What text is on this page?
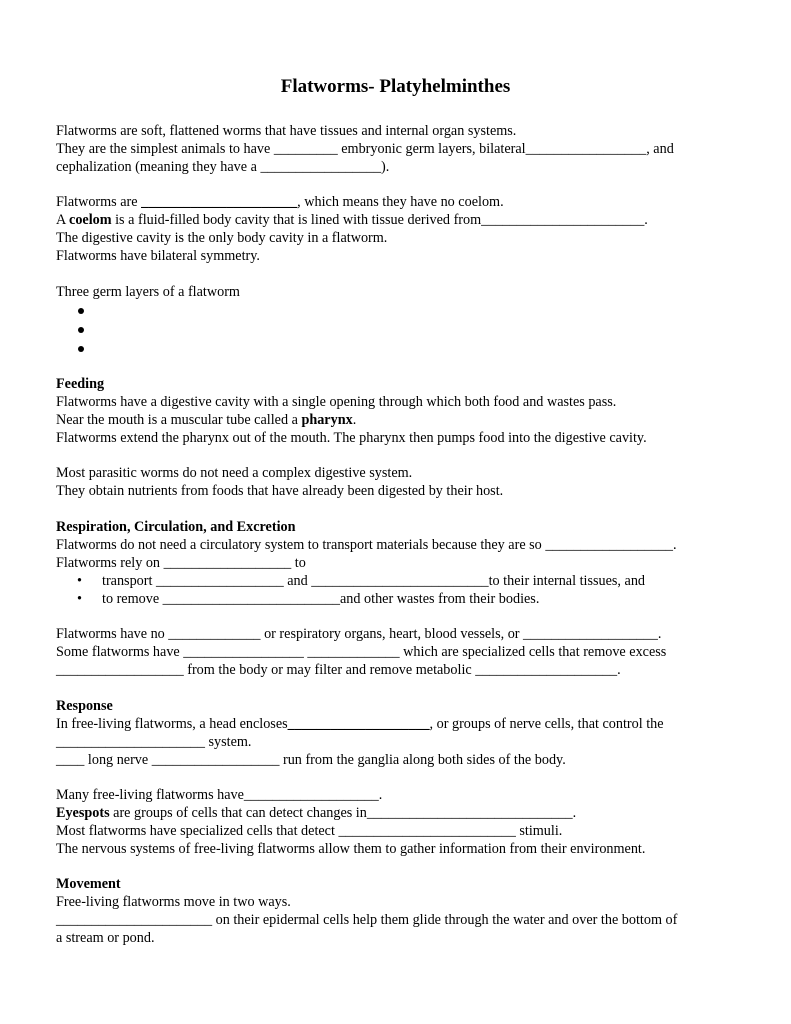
Flatworms- Platyhelminthes
Flatworms are soft, flattened worms that have tissues and internal organ systems.
They are the simplest animals to have _________ embryonic germ layers, bilateral_________________, and
cephalization (meaning they have a _________________).
Flatworms are ______________________, which means they have no coelom.
A coelom is a fluid-filled body cavity that is lined with tissue derived from_______________________.
The digestive cavity is the only body cavity in a flatworm.
Flatworms have bilateral symmetry.
Three germ layers of a flatworm
Feeding
Flatworms have a digestive cavity with a single opening through which both food and wastes pass.
Near the mouth is a muscular tube called a pharynx.
Flatworms extend the pharynx out of the mouth. The pharynx then pumps food into the digestive cavity.
Most parasitic worms do not need a complex digestive system.
They obtain nutrients from foods that have already been digested by their host.
Respiration, Circulation, and Excretion
Flatworms do not need a circulatory system to transport materials because they are so __________________.
Flatworms rely on __________________ to
• transport __________________ and _________________________to their internal tissues, and
• to remove _________________________and other wastes from their bodies.
Flatworms have no _____________ or respiratory organs, heart, blood vessels, or ___________________.
Some flatworms have _________________ _____________ which are specialized cells that remove excess
__________________ from the body or may filter and remove metabolic ____________________.
Response
In free-living flatworms, a head encloses____________________, or groups of nerve cells, that control the
_____________________ system.
____ long nerve __________________ run from the ganglia along both sides of the body.
Many free-living flatworms have___________________.
Eyespots are groups of cells that can detect changes in_____________________________.
Most flatworms have specialized cells that detect _________________________ stimuli.
The nervous systems of free-living flatworms allow them to gather information from their environment.
Movement
Free-living flatworms move in two ways.
______________________ on their epidermal cells help them glide through the water and over the bottom of
a stream or pond.
